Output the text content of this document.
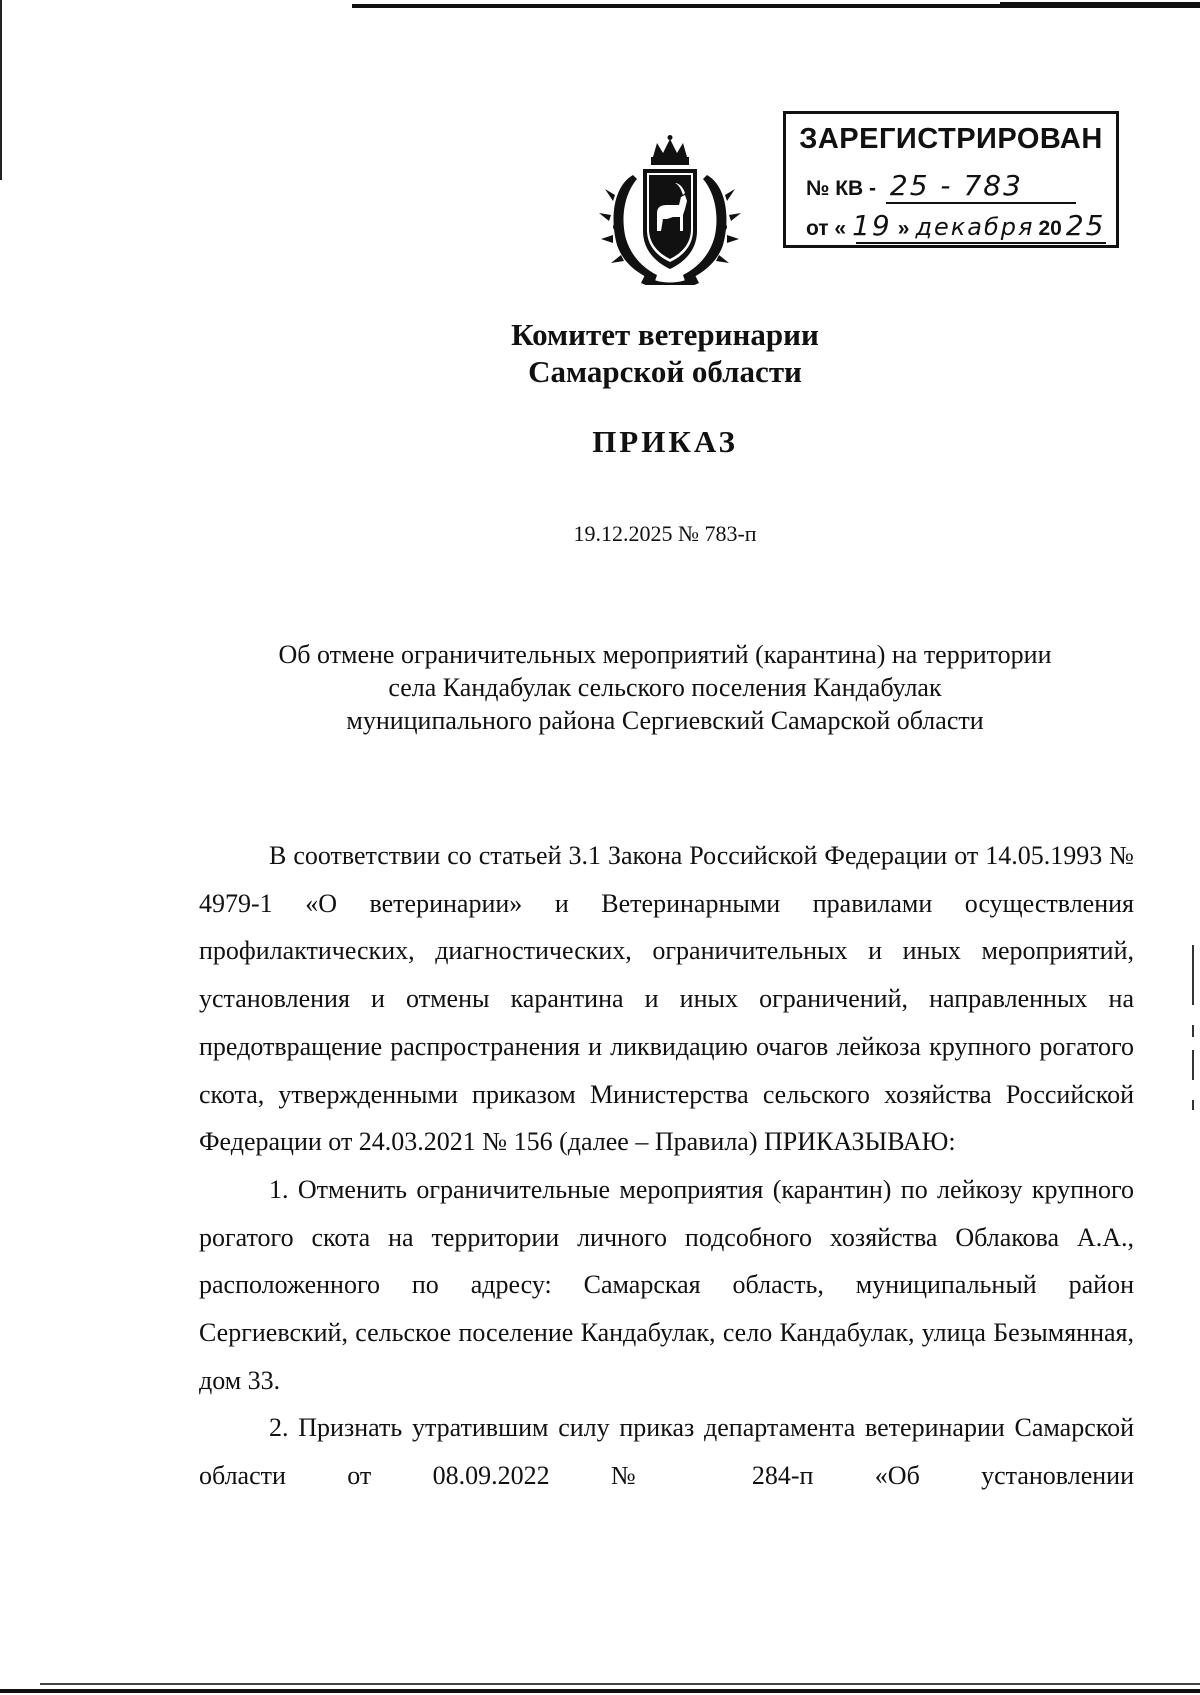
ЗАРЕГИСТРИРОВАН
№ КВ - 25 - 783
от « 19 » декабря 20 25
Комитет ветеринарии
Самарской области
ПРИКАЗ
19.12.2025 № 783-п
Об отмене ограничительных мероприятий (карантина) на территории
села Кандабулак сельского поселения Кандабулак
муниципального района Сергиевский Самарской области

В соответствии со статьей 3.1 Закона Российской Федерации от 14.05.1993 № 4979-1 «О ветеринарии» и Ветеринарными правилами осуществления профилактических, диагностических, ограничительных и иных мероприятий, установления и отмены карантина и иных ограничений, направленных на предотвращение распространения и ликвидацию очагов лейкоза крупного рогатого скота, утвержденными приказом Министерства сельского хозяйства Российской Федерации от 24.03.2021 № 156 (далее – Правила) ПРИКАЗЫВАЮ:

1. Отменить ограничительные мероприятия (карантин) по лейкозу крупного рогатого скота на территории личного подсобного хозяйства Облакова А.А., расположенного по адресу: Самарская область, муниципальный район Сергиевский, сельское поселение Кандабулак, село Кандабулак, улица Безымянная, дом 33.

2. Признать утратившим силу приказ департамента ветеринарии Самарской области от 08.09.2022 № 284-п «Об установлении
